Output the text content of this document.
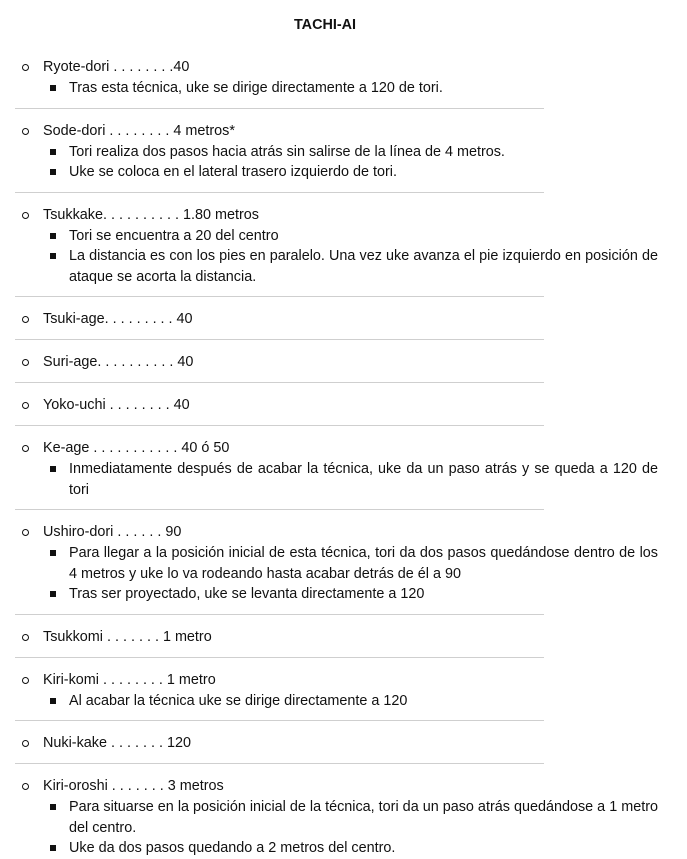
TACHI-AI
Ryote-dori . . . . . . . .40
Tras esta técnica, uke se dirige directamente a 120 de tori.
Sode-dori . . . . . . . . 4 metros*
Tori realiza dos pasos hacia atrás sin salirse de la línea de 4 metros.
Uke se coloca en el lateral trasero izquierdo de tori.
Tsukkake. . . . . . . . . . 1.80 metros
Tori se encuentra a 20 del centro
La distancia es con los pies en paralelo. Una vez uke avanza el pie izquierdo en posición de ataque se acorta la distancia.
Tsuki-age. . . . . . . . . 40
Suri-age. . . . . . . . . . 40
Yoko-uchi . . . . . . . . 40
Ke-age . . . . . . . . . . . 40 ó 50
Inmediatamente después de acabar la técnica, uke da un paso atrás y se queda a 120 de tori
Ushiro-dori . . . . . . 90
Para llegar a la posición inicial de esta técnica, tori da dos pasos quedándose dentro de los 4 metros y uke lo va rodeando hasta acabar detrás de él a 90
Tras ser proyectado, uke se levanta directamente a 120
Tsukkomi . . . . . . . 1 metro
Kiri-komi . . . . . . . . 1 metro
Al acabar la técnica uke se dirige directamente a 120
Nuki-kake . . . . . . . 120
Kiri-oroshi . . . . . . . 3 metros
Para situarse en la posición inicial de la técnica, tori da un paso atrás quedándose a 1 metro del centro.
Uke da dos pasos quedando a 2 metros del centro.
